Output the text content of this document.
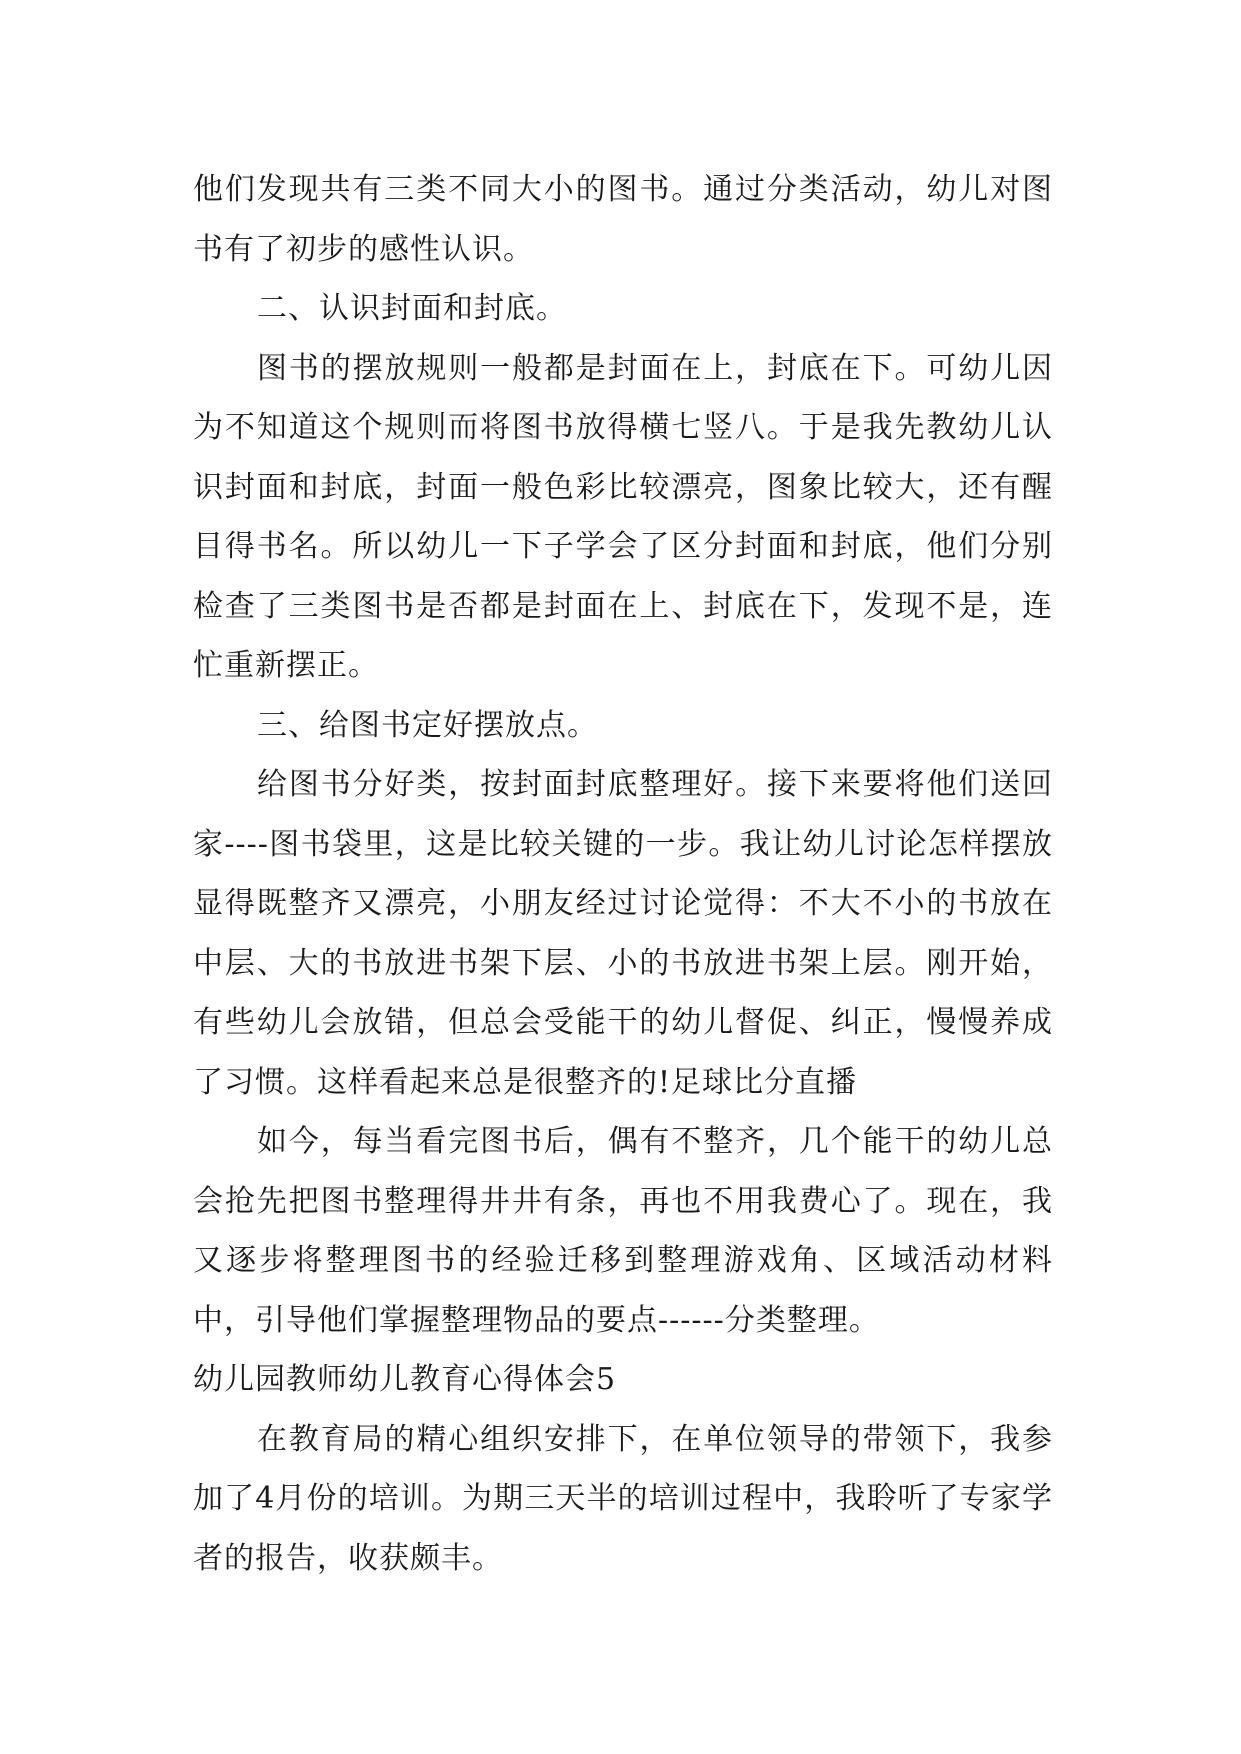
他们发现共有三类不同大小的图书。通过分类活动，幼儿对图书有了初步的感性认识。

二、认识封面和封底。

图书的摆放规则一般都是封面在上，封底在下。可幼儿因为不知道这个规则而将图书放得横七竖八。于是我先教幼儿认识封面和封底，封面一般色彩比较漂亮，图象比较大，还有醒目得书名。所以幼儿一下子学会了区分封面和封底，他们分别检查了三类图书是否都是封面在上、封底在下，发现不是，连忙重新摆正。

三、给图书定好摆放点。

给图书分好类，按封面封底整理好。接下来要将他们送回家----图书袋里，这是比较关键的一步。我让幼儿讨论怎样摆放显得既整齐又漂亮，小朋友经过讨论觉得：不大不小的书放在中层、大的书放进书架下层、小的书放进书架上层。刚开始，有些幼儿会放错，但总会受能干的幼儿督促、纠正，慢慢养成了习惯。这样看起来总是很整齐的!足球比分直播

如今，每当看完图书后，偶有不整齐，几个能干的幼儿总会抢先把图书整理得井井有条，再也不用我费心了。现在，我又逐步将整理图书的经验迁移到整理游戏角、区域活动材料中，引导他们掌握整理物品的要点------分类整理。

幼儿园教师幼儿教育心得体会5

在教育局的精心组织安排下，在单位领导的带领下，我参加了4月份的培训。为期三天半的培训过程中，我聆听了专家学者的报告，收获颇丰。
